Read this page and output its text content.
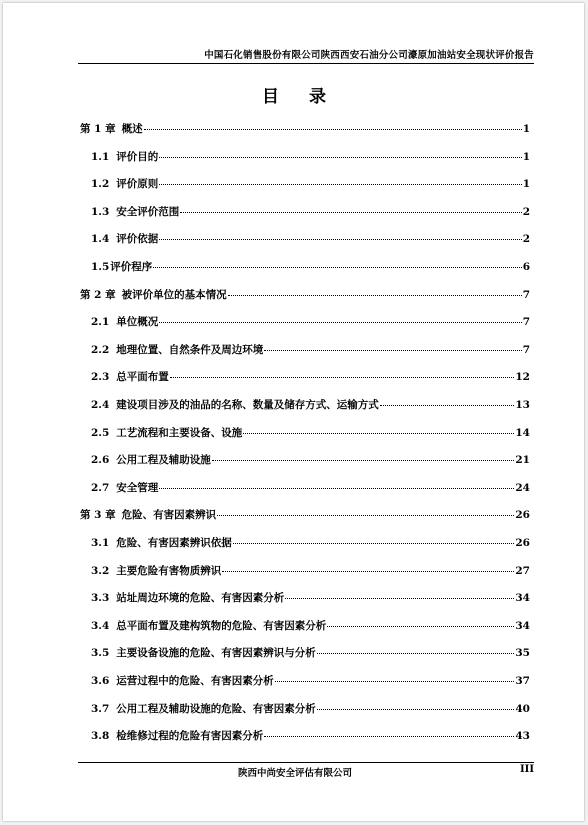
中国石化销售股份有限公司陕西西安石油分公司濠原加油站安全现状评价报告
目 录
第 1 章 概述	1
1.1 评价目的	1
1.2 评价原则	1
1.3 安全评价范围	2
1.4 评价依据	2
1.5 评价程序	6
第 2 章 被评价单位的基本情况	7
2.1 单位概况	7
2.2 地理位置、自然条件及周边环境	7
2.3 总平面布置	12
2.4 建设项目涉及的油品的名称、数量及储存方式、运输方式	13
2.5 工艺流程和主要设备、设施	14
2.6 公用工程及辅助设施	21
2.7 安全管理	24
第 3 章 危险、有害因素辨识	26
3.1 危险、有害因素辨识依据	26
3.2 主要危险有害物质辨识	27
3.3 站址周边环境的危险、有害因素分析	34
3.4 总平面布置及建构筑物的危险、有害因素分析	34
3.5 主要设备设施的危险、有害因素辨识与分析	35
3.6 运营过程中的危险、有害因素分析	37
3.7 公用工程及辅助设施的危险、有害因素分析	40
3.8 检维修过程的危险有害因素分析	43
陕西中尚安全评估有限公司	III
